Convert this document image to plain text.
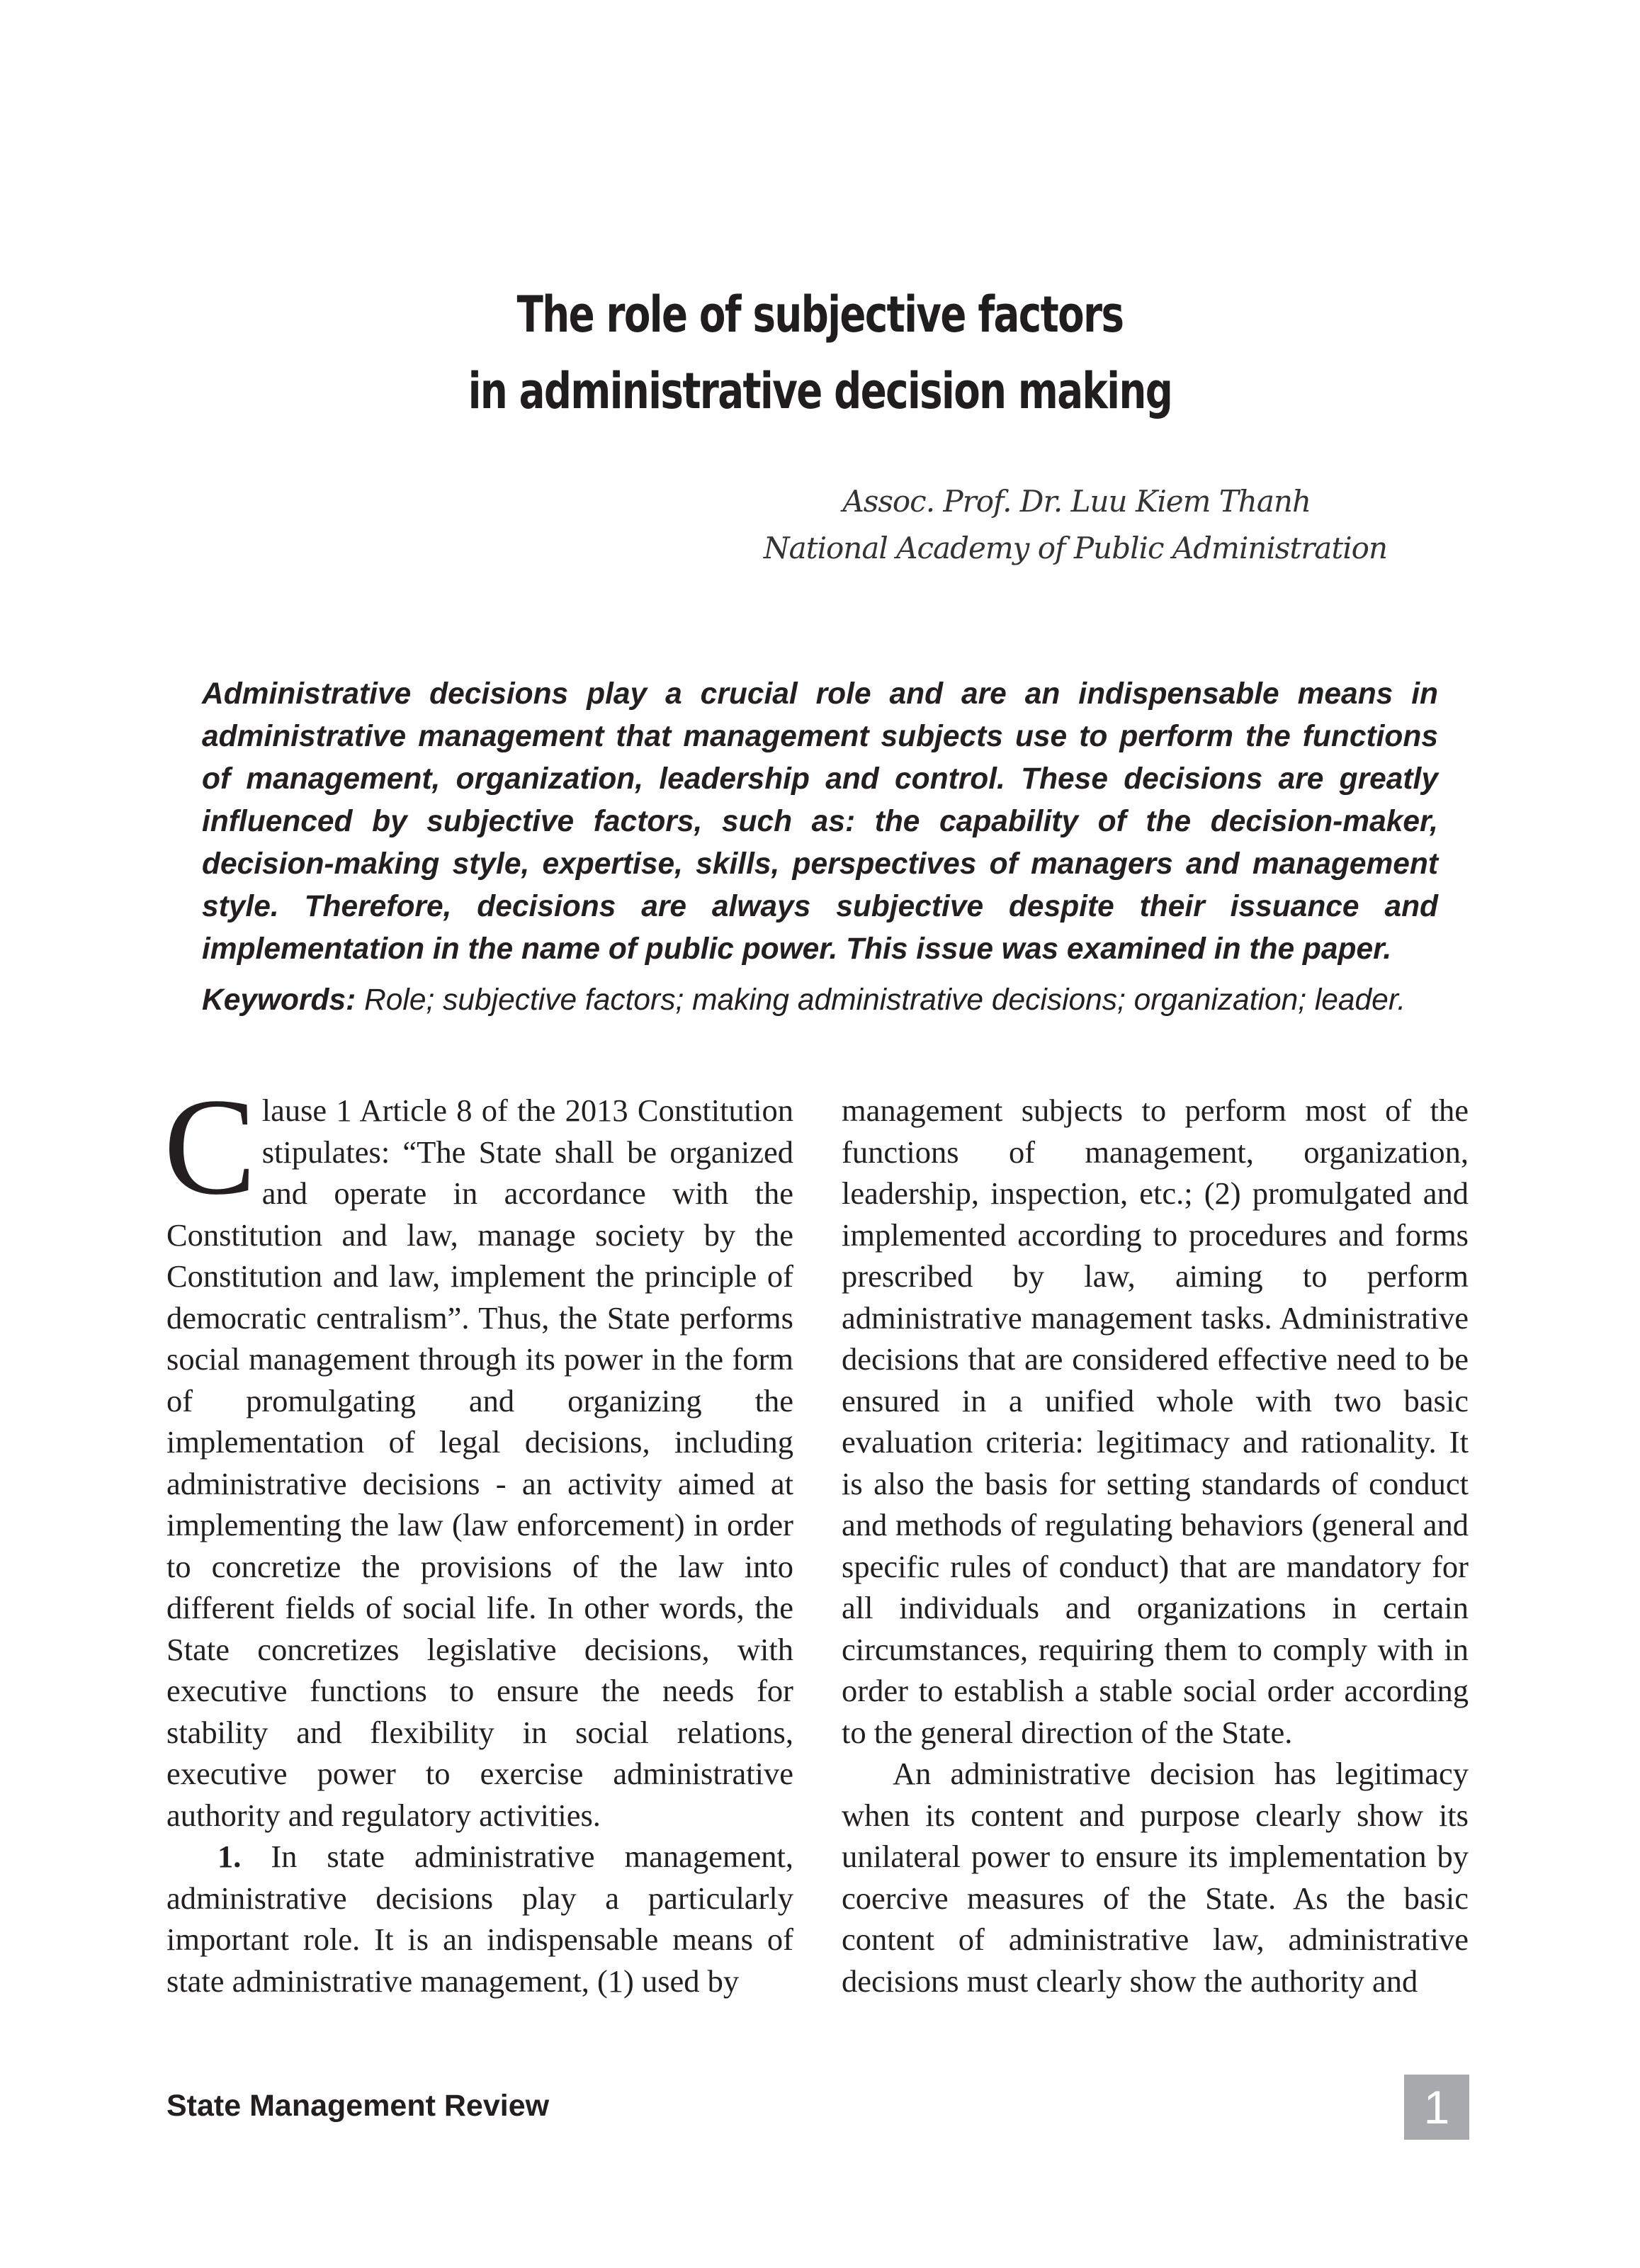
The role of subjective factors
in administrative decision making
Assoc. Prof. Dr. Luu Kiem Thanh
National Academy of Public Administration
Administrative decisions play a crucial role and are an indispensable means in administrative management that management subjects use to perform the functions of management, organization, leadership and control. These decisions are greatly influenced by subjective factors, such as: the capability of the decision-maker, decision-making style, expertise, skills, perspectives of managers and management style. Therefore, decisions are always subjective despite their issuance and implementation in the name of public power. This issue was examined in the paper.
Keywords: Role; subjective factors; making administrative decisions; organization; leader.

Clause 1 Article 8 of the 2013 Constitution stipulates: “The State shall be organized and operate in accordance with the Constitution and law, manage society by the Constitution and law, implement the principle of democratic centralism”. Thus, the State performs social management through its power in the form of promulgating and organizing the implementation of legal decisions, including administrative decisions - an activity aimed at implementing the law (law enforcement) in order to concretize the provisions of the law into different fields of social life. In other words, the State concretizes legislative decisions, with executive functions to ensure the needs for stability and flexibility in social relations, executive power to exercise administrative authority and regulatory activities.

1. In state administrative management, administrative decisions play a particularly important role. It is an indispensable means of state administrative management, (1) used by

management subjects to perform most of the functions of management, organization, leadership, inspection, etc.; (2) promulgated and implemented according to procedures and forms prescribed by law, aiming to perform administrative management tasks. Administrative decisions that are considered effective need to be ensured in a unified whole with two basic evaluation criteria: legitimacy and rationality. It is also the basis for setting standards of conduct and methods of regulating behaviors (general and specific rules of conduct) that are mandatory for all individuals and organizations in certain circumstances, requiring them to comply with in order to establish a stable social order according to the general direction of the State.

An administrative decision has legitimacy when its content and purpose clearly show its unilateral power to ensure its implementation by coercive measures of the State. As the basic content of administrative law, administrative decisions must clearly show the authority and

State Management Review	1
